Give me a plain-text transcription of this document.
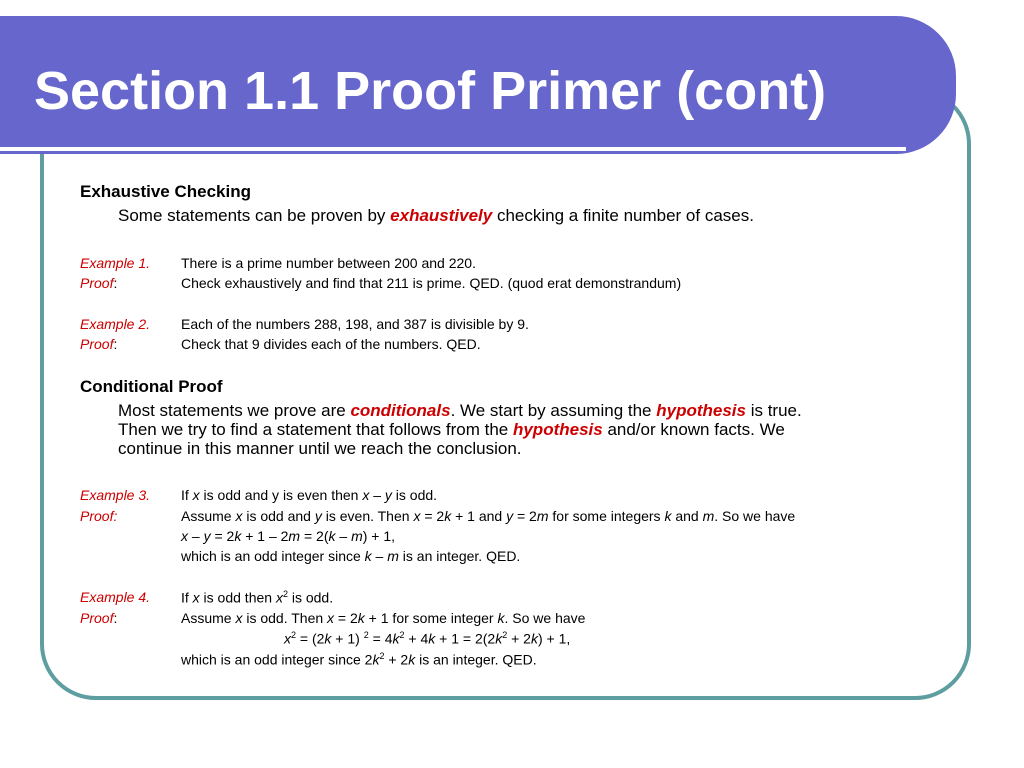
Section 1.1 Proof Primer (cont)
Exhaustive Checking
Some statements can be proven by exhaustively checking a finite number of cases.
Example 1. There is a prime number between 200 and 220.
Proof:	Check exhaustively and find that 211 is prime. QED. (quod erat demonstrandum)
Example 2. Each of the numbers 288, 198, and 387 is divisible by 9.
Proof:	Check that 9 divides each of the numbers. QED.
Conditional Proof
Most statements we prove are conditionals. We start by assuming the hypothesis is true.
Then we try to find a statement that follows from the hypothesis and/or known facts. We
continue in this manner until we reach the conclusion.
Example 3. If x is odd and y is even then x – y is odd.
Proof:	Assume x is odd and y is even. Then x = 2k + 1 and y = 2m for some integers k and m. So we have
x – y = 2k + 1 – 2m = 2(k – m) + 1,
which is an odd integer since k – m is an integer. QED.
Example 4. If x is odd then $x^2$ is odd.
Proof:	Assume x is odd. Then x = 2k + 1 for some integer k. So we have
$x^2 = (2k + 1) ^2 = 4k^2 + 4k + 1 = 2(2k^2 + 2k) + 1$,
which is an odd integer since $2k^2 + 2k$ is an integer. QED.
